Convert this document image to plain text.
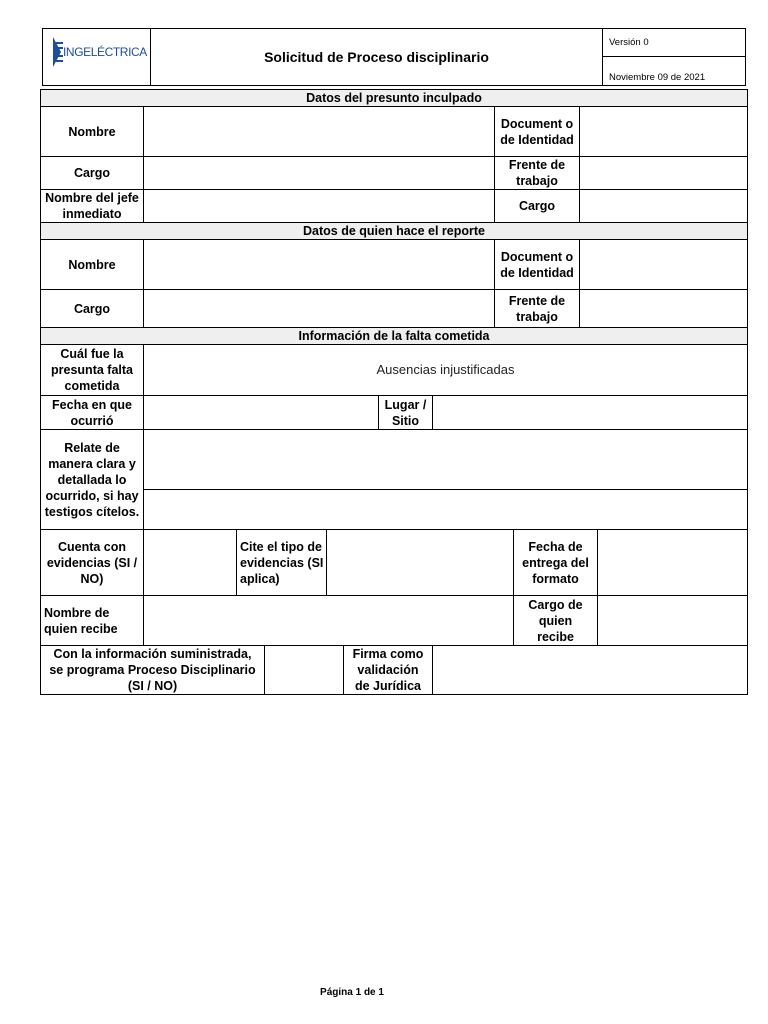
Solicitud de Proceso disciplinario
Versión 0
Noviembre 09 de 2021
INGELÉCTRICA
Datos del presunto inculpado
Nombre
Document o de Identidad
Cargo
Frente de trabajo
Nombre del jefe inmediato
Cargo
Datos de quien hace el reporte
Nombre
Document o de Identidad
Cargo
Frente de trabajo
Información de la falta cometida
Cuál fue la presunta falta cometida
Ausencias injustificadas
Fecha en que ocurrió
Lugar / Sitio
Relate de manera clara y detallada lo ocurrido, si hay testigos cítelos.
Cuenta con evidencias (SI / NO)
Cite el tipo de evidencias (SI aplica)
Fecha de entrega del formato
Nombre de quien recibe
Cargo de quien recibe
Con la información suministrada, se programa Proceso Disciplinario (SI / NO)
Firma como validación de Jurídica
Página 1 de 1
